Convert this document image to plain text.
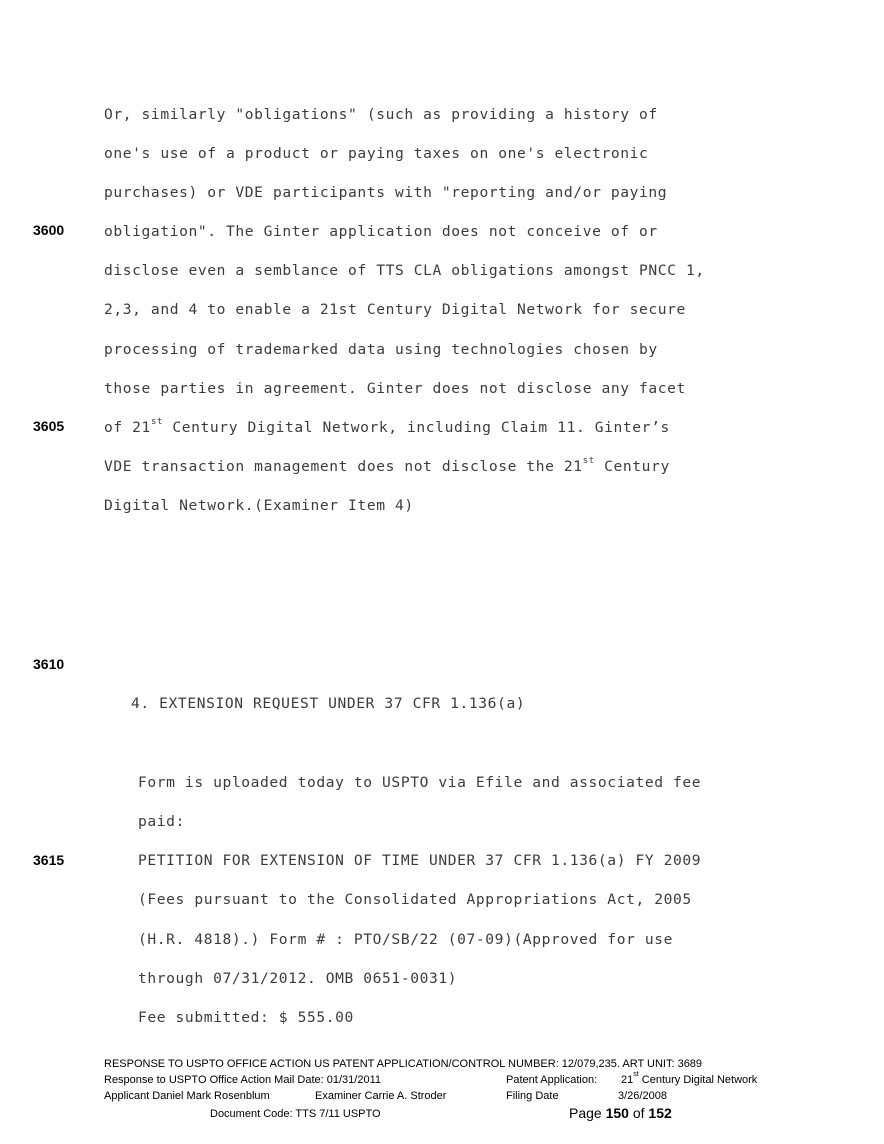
Or, similarly "obligations" (such as providing a history of
one's use of a product or paying taxes on one's electronic
purchases) or VDE participants with "reporting and/or paying
obligation". The Ginter application does not conceive of or
disclose even a semblance of TTS CLA obligations amongst PNCC 1,
2,3, and 4 to enable a 21st Century Digital Network for secure
processing of trademarked data using technologies chosen by
those parties in agreement. Ginter does not disclose any facet
of 21st Century Digital Network, including Claim 11. Ginter’s
VDE transaction management does not disclose the 21st Century
Digital Network.(Examiner Item 4)
3600
3605
3610
3615
4. EXTENSION REQUEST UNDER 37 CFR 1.136(a)
Form is uploaded today to USPTO via Efile and associated fee
paid:
PETITION FOR EXTENSION OF TIME UNDER 37 CFR 1.136(a) FY 2009
(Fees pursuant to the Consolidated Appropriations Act, 2005
(H.R. 4818).) Form # : PTO/SB/22 (07-09)(Approved for use
through 07/31/2012. OMB 0651-0031)
Fee submitted: $ 555.00
RESPONSE TO USPTO OFFICE ACTION US PATENT APPLICATION/CONTROL NUMBER: 12/079,235. ART UNIT: 3689
Response to USPTO Office Action Mail Date: 01/31/2011	Patent Application: 21st Century Digital Network
Applicant Daniel Mark Rosenblum	Examiner Carrie A. Stroder	Filing Date	3/26/2008
Document Code: TTS 7/11 USPTO	Page 150 of 152
